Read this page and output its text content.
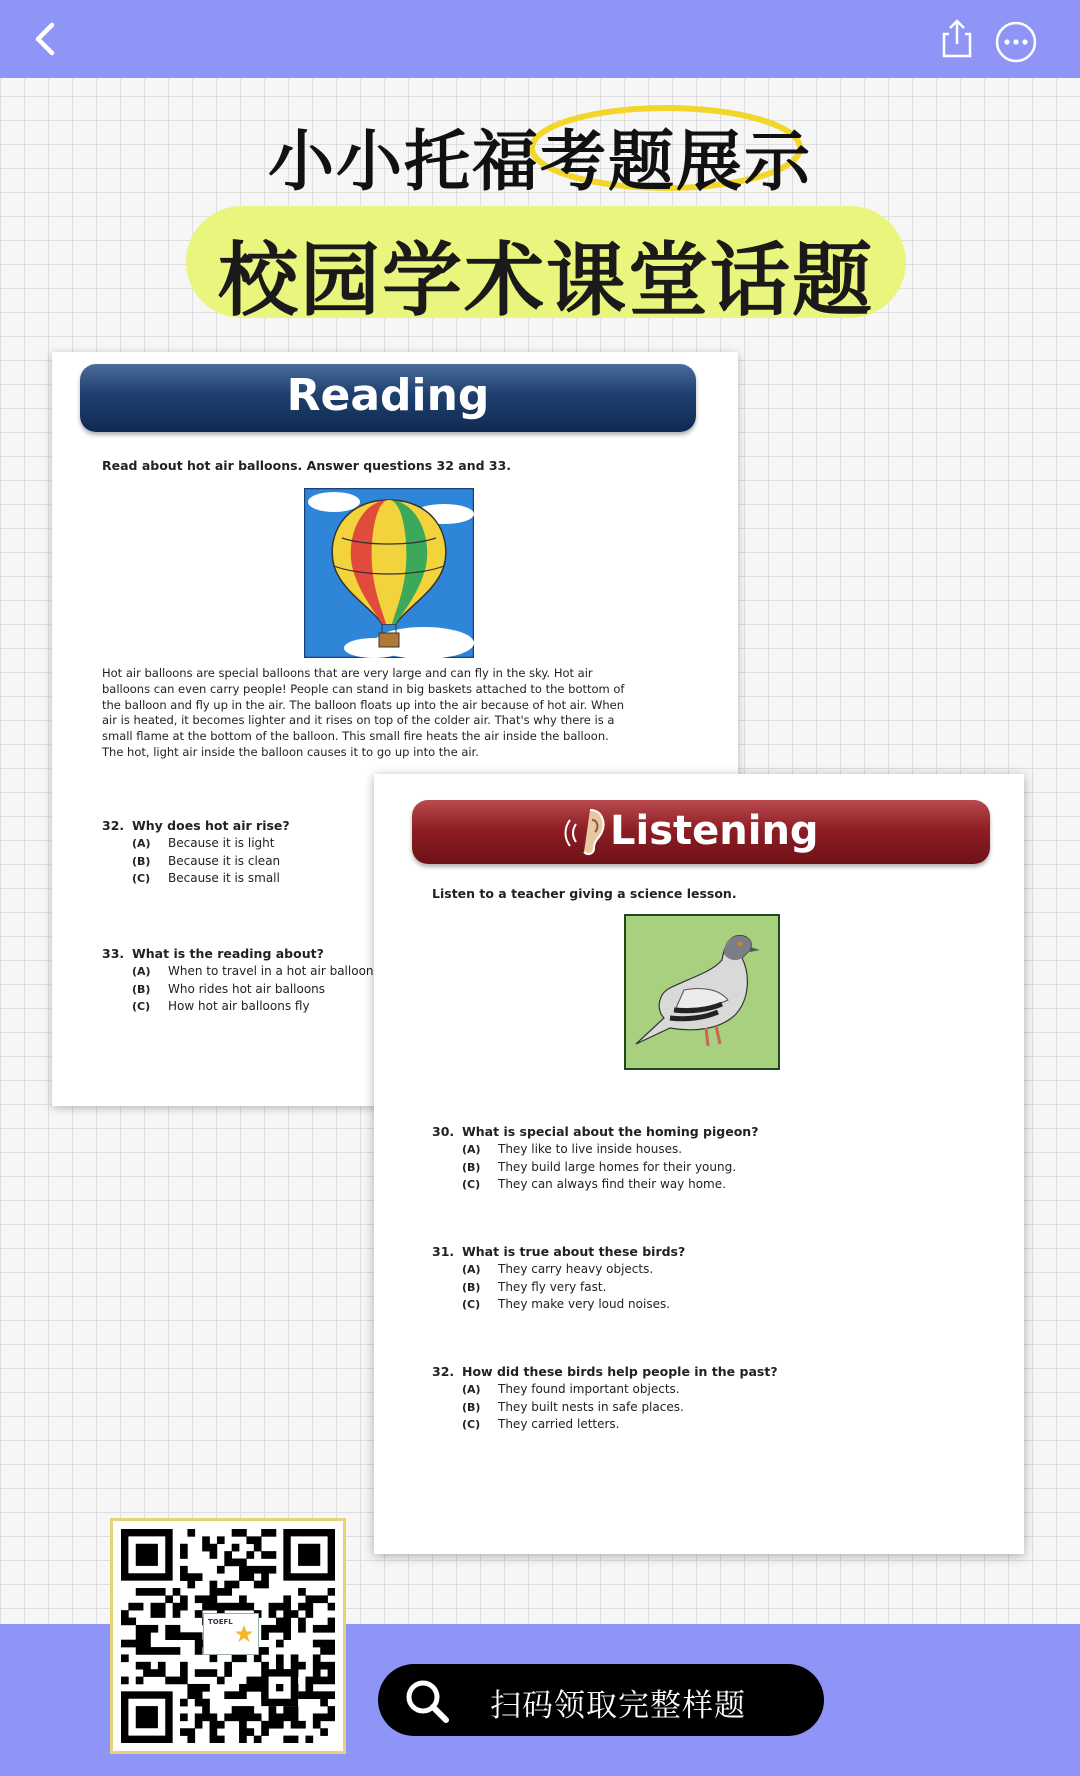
小小托福考题展示
校园学术课堂话题
Reading
Read about hot air balloons. Answer questions 32 and 33.
Hot air balloons are special balloons that are very large and can fly in the sky. Hot air balloons can even carry people! People can stand in big baskets attached to the bottom of the balloon and fly up in the air. The balloon floats up into the air because of hot air. When air is heated, it becomes lighter and it rises on top of the colder air. That's why there is a small flame at the bottom of the balloon. This small fire heats the air inside the balloon. The hot, light air inside the balloon causes it to go up into the air.
32. Why does hot air rise?
(A) Because it is light
(B) Because it is clean
(C) Because it is small
33. What is the reading about?
(A) When to travel in a hot air balloon
(B) Who rides hot air balloons
(C) How hot air balloons fly
Listening
Listen to a teacher giving a science lesson.
30. What is special about the homing pigeon?
(A) They like to live inside houses.
(B) They build large homes for their young.
(C) They can always find their way home.
31. What is true about these birds?
(A) They carry heavy objects.
(B) They fly very fast.
(C) They make very loud noises.
32. How did these birds help people in the past?
(A) They found important objects.
(B) They built nests in safe places.
(C) They carried letters.
TOEFL
扫码领取完整样题
